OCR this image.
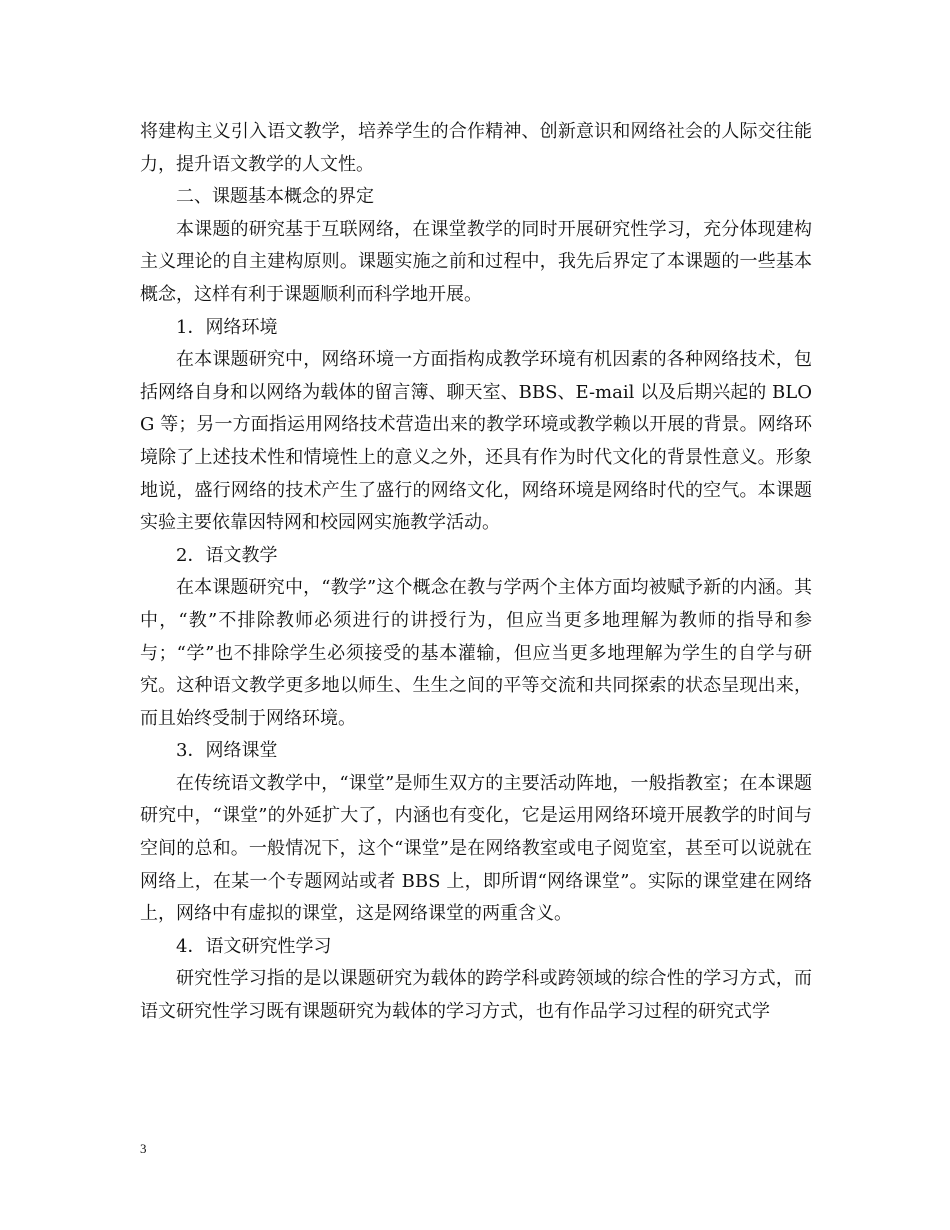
将建构主义引入语文教学，培养学生的合作精神、创新意识和网络社会的人际交往能力，提升语文教学的人文性。

二、课题基本概念的界定

本课题的研究基于互联网络，在课堂教学的同时开展研究性学习，充分体现建构主义理论的自主建构原则。课题实施之前和过程中，我先后界定了本课题的一些基本概念，这样有利于课题顺利而科学地开展。

1．网络环境

在本课题研究中，网络环境一方面指构成教学环境有机因素的各种网络技术，包括网络自身和以网络为载体的留言簿、聊天室、BBS、E-mail 以及后期兴起的 BLOG 等；另一方面指运用网络技术营造出来的教学环境或教学赖以开展的背景。网络环境除了上述技术性和情境性上的意义之外，还具有作为时代文化的背景性意义。形象地说，盛行网络的技术产生了盛行的网络文化，网络环境是网络时代的空气。本课题实验主要依靠因特网和校园网实施教学活动。

2．语文教学

在本课题研究中，“教学”这个概念在教与学两个主体方面均被赋予新的内涵。其中，“教”不排除教师必须进行的讲授行为，但应当更多地理解为教师的指导和参与；“学”也不排除学生必须接受的基本灌输，但应当更多地理解为学生的自学与研究。这种语文教学更多地以师生、生生之间的平等交流和共同探索的状态呈现出来，而且始终受制于网络环境。

3．网络课堂

在传统语文教学中，“课堂”是师生双方的主要活动阵地，一般指教室；在本课题研究中，“课堂”的外延扩大了，内涵也有变化，它是运用网络环境开展教学的时间与空间的总和。一般情况下，这个“课堂”是在网络教室或电子阅览室，甚至可以说就在网络上，在某一个专题网站或者 BBS 上，即所谓“网络课堂”。实际的课堂建在网络上，网络中有虚拟的课堂，这是网络课堂的两重含义。

4．语文研究性学习

研究性学习指的是以课题研究为载体的跨学科或跨领域的综合性的学习方式，而语文研究性学习既有课题研究为载体的学习方式，也有作品学习过程的研究式学

3
